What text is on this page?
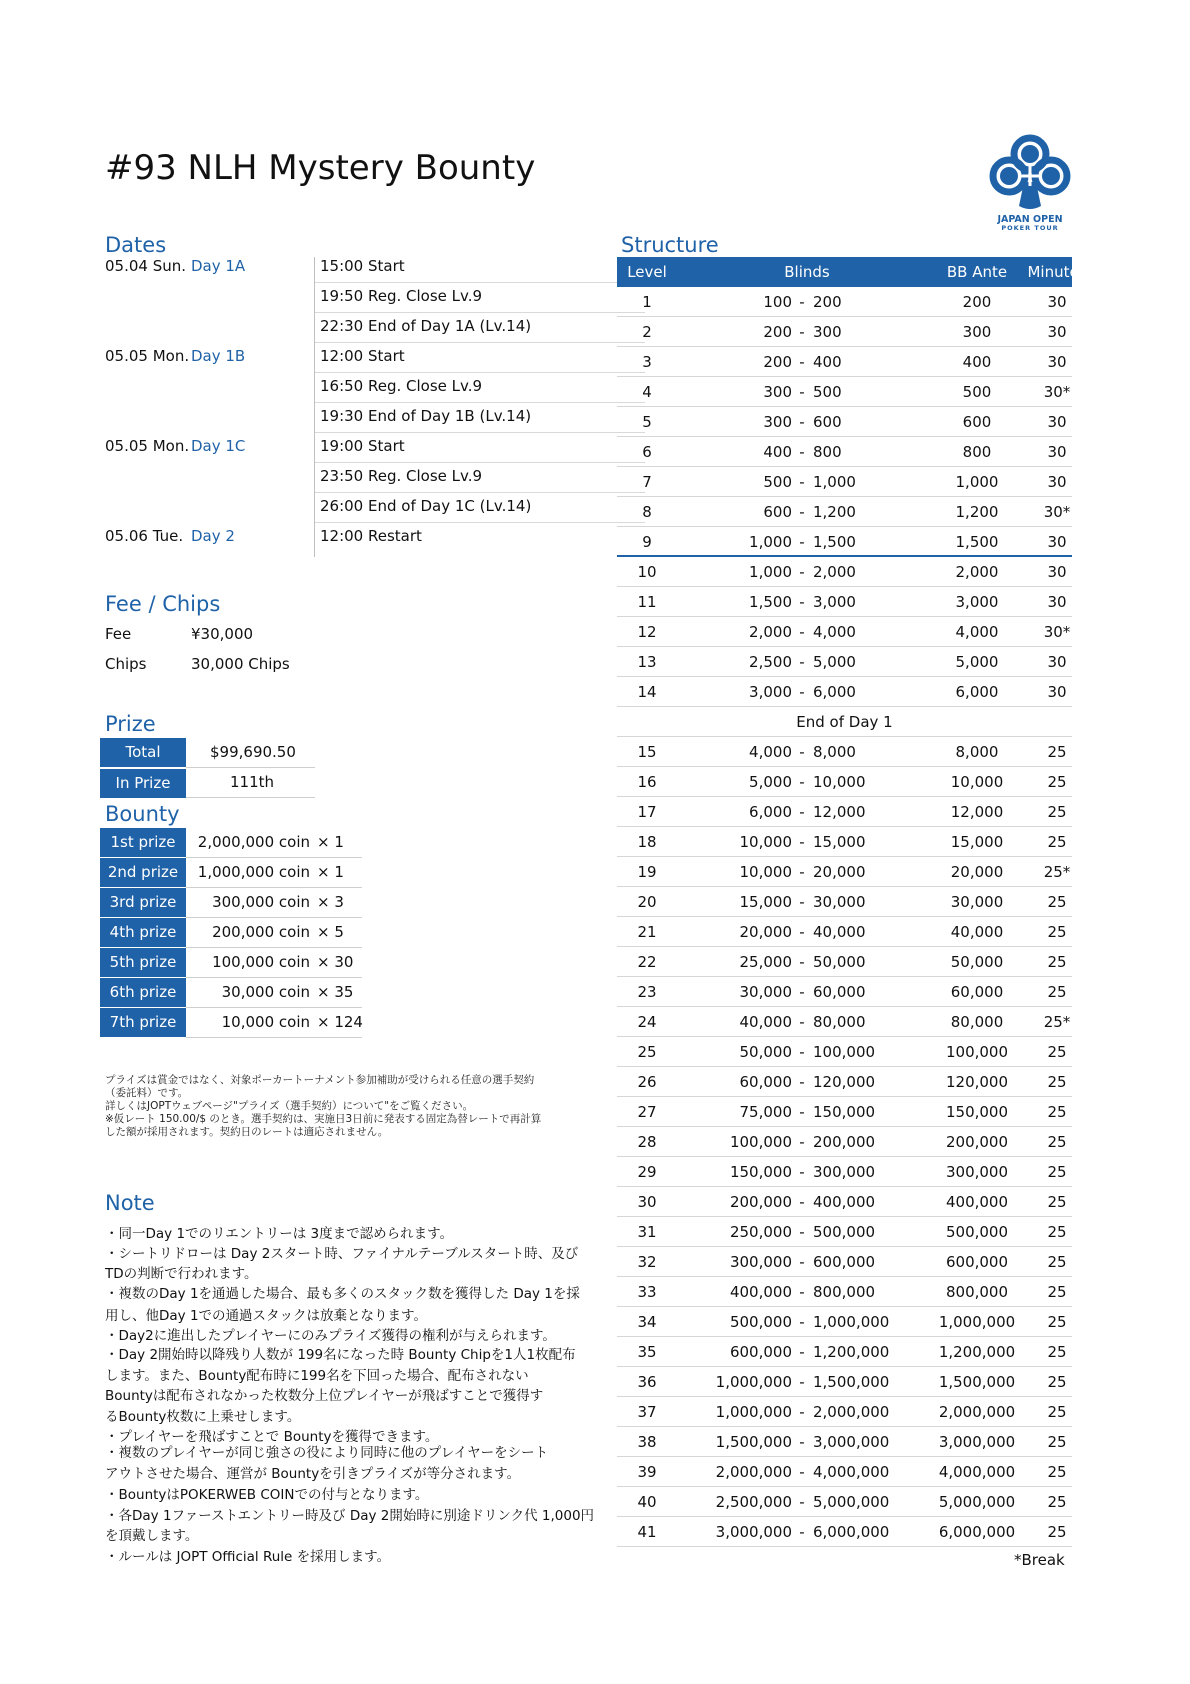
#93 NLH Mystery Bounty
JAPAN OPEN
POKER TOUR
Dates
05.04 Sun. Day 1A	15:00 Start
19:50 Reg. Close Lv.9
22:30 End of Day 1A (Lv.14)
05.05 Mon. Day 1B	12:00 Start
16:50 Reg. Close Lv.9
19:30 End of Day 1B (Lv.14)
05.05 Mon. Day 1C	19:00 Start
23:50 Reg. Close Lv.9
26:00 End of Day 1C (Lv.14)
05.06 Tue. Day 2	12:00 Restart
Fee / Chips
Fee	¥30,000
Chips	30,000 Chips
Prize
Total	$99,690.50
In Prize	111th
Bounty
1st prize	2,000,000 coin × 1
2nd prize	1,000,000 coin × 1
3rd prize	300,000 coin × 3
4th prize	200,000 coin × 5
5th prize	100,000 coin × 30
6th prize	30,000 coin × 35
7th prize	10,000 coin × 124
プライズは賞金ではなく、対象ポーカートーナメント参加補助が受けられる任意の選手契約
（委託料）です。
詳しくはJOPTウェブページ"プライズ（選手契約）について"をご覧ください。
※仮レート 150.00/$ のとき。選手契約は、実施日3日前に発表する固定為替レートで再計算
した額が採用されます。契約日のレートは適応されません。
Note
・同一Day 1でのリエントリーは 3度まで認められます。
・シートリドローは Day 2スタート時、ファイナルテーブルスタート時、及び
TDの判断で行われます。
・複数のDay 1を通過した場合、最も多くのスタック数を獲得した Day 1を採
用し、他Day 1での通過スタックは放棄となります。
・Day2に進出したプレイヤーにのみプライズ獲得の権利が与えられます。
・Day 2開始時以降残り人数が 199名になった時 Bounty Chipを1人1枚配布
します。また、Bounty配布時に199名を下回った場合、配布されない
Bountyは配布されなかった枚数分上位プレイヤーが飛ばすことで獲得す
るBounty枚数に上乗せします。
・プレイヤーを飛ばすことで Bountyを獲得できます。
・複数のプレイヤーが同じ強さの役により同時に他のプレイヤーをシート
アウトさせた場合、運営が Bountyを引きプライズが等分されます。
・BountyはPOKERWEB COINでの付与となります。
・各Day 1ファーストエントリー時及び Day 2開始時に別途ドリンク代 1,000円
を頂戴します。
・ルールは JOPT Official Rule を採用します。
Structure
Level	Blinds	BB Ante	Minutes
1	100	200	200	30
-
2	200	300	300	30
-
3	200	400	400	30
-
4	300	500	500	30*
-
5	300	600	600	30
-
6	400	800	800	30
-
7	500	1,000	1,000	30
-
8	600	1,200	1,200	30*
-
9	1,000	1,500	1,500	30
-
10	1,000	2,000	2,000	30
-
11	1,500	3,000	3,000	30
-
12	2,000	4,000	4,000	30*
-
13	2,500	5,000	5,000	30
-
14	3,000	6,000	6,000	30
-
End of Day 1
15	4,000	8,000	8,000	25
-
16	5,000	10,000	10,000	25
-
17	6,000	12,000	12,000	25
-
18	10,000	15,000	15,000	25
-
19	10,000	20,000	20,000	25*
-
20	15,000	30,000	30,000	25
-
21	20,000	40,000	40,000	25
-
22	25,000	50,000	50,000	25
-
23	30,000	60,000	60,000	25
-
24	40,000	80,000	80,000	25*
-
25	50,000	100,000	100,000	25
-
26	60,000	120,000	120,000	25
-
27	75,000	150,000	150,000	25
-
28	100,000	200,000	200,000	25
-
29	150,000	300,000	300,000	25
-
30	200,000	400,000	400,000	25
-
31	250,000	500,000	500,000	25
-
32	300,000	600,000	600,000	25
-
33	400,000	800,000	800,000	25
-
34	500,000	1,000,000	1,000,000	25
-
35	600,000	1,200,000	1,200,000	25
-
36	1,000,000	1,500,000	1,500,000	25
-
37	1,000,000	2,000,000	2,000,000	25
-
38	1,500,000	3,000,000	3,000,000	25
-
39	2,000,000	4,000,000	4,000,000	25
-
40	2,500,000	5,000,000	5,000,000	25
-
41	3,000,000	6,000,000	6,000,000	25
-
*Break
